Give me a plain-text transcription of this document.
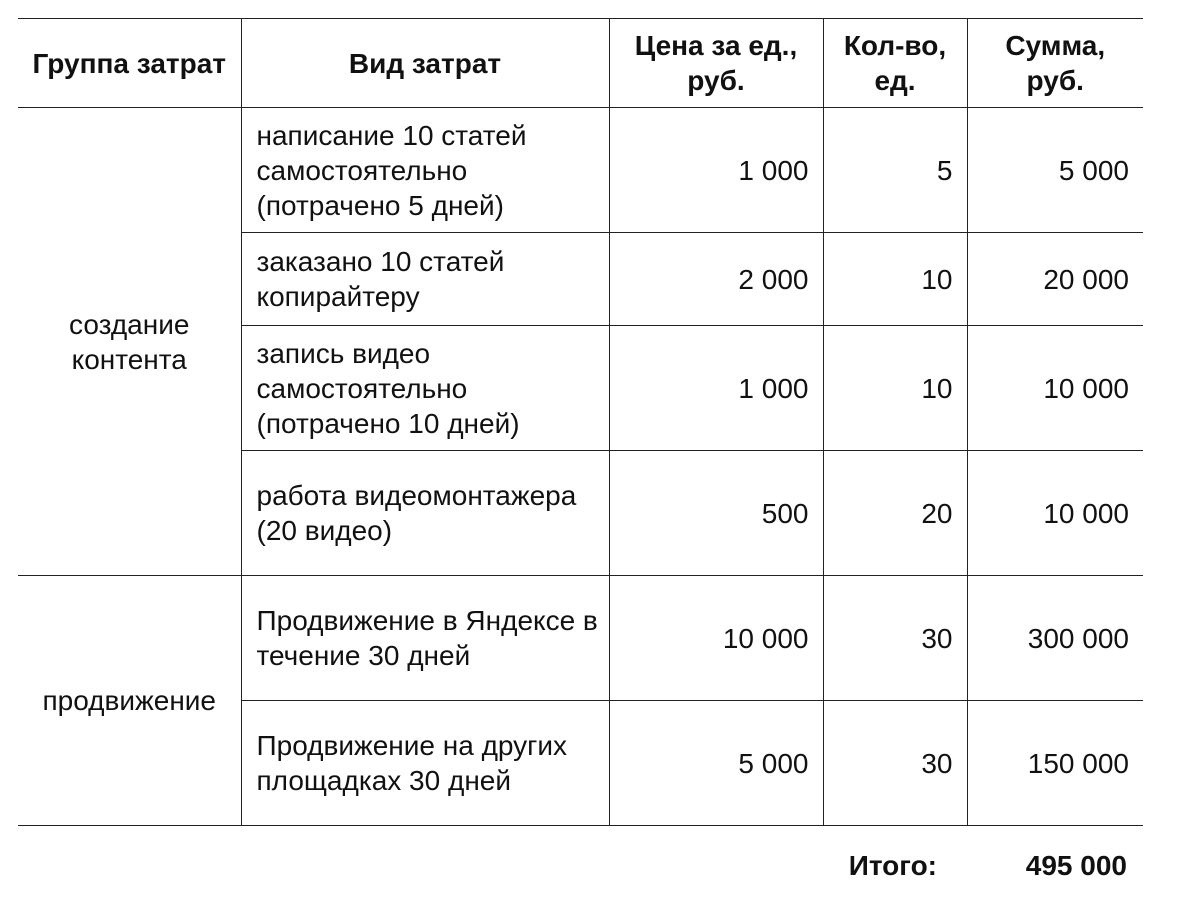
Группа затрат	Вид затрат	Цена за ед., руб.	Кол-во, ед.	Сумма, руб.
создание контента	написание 10 статей самостоятельно (потрачено 5 дней)	1 000	5	5 000
	заказано 10 статей копирайтеру	2 000	10	20 000
	запись видео самостоятельно (потрачено 10 дней)	1 000	10	10 000
	работа видеомонтажера (20 видео)	500	20	10 000
продвижение	Продвижение в Яндексе в течение 30 дней	10 000	30	300 000
	Продвижение на других площадках 30 дней	5 000	30	150 000
Итого:	495 000
